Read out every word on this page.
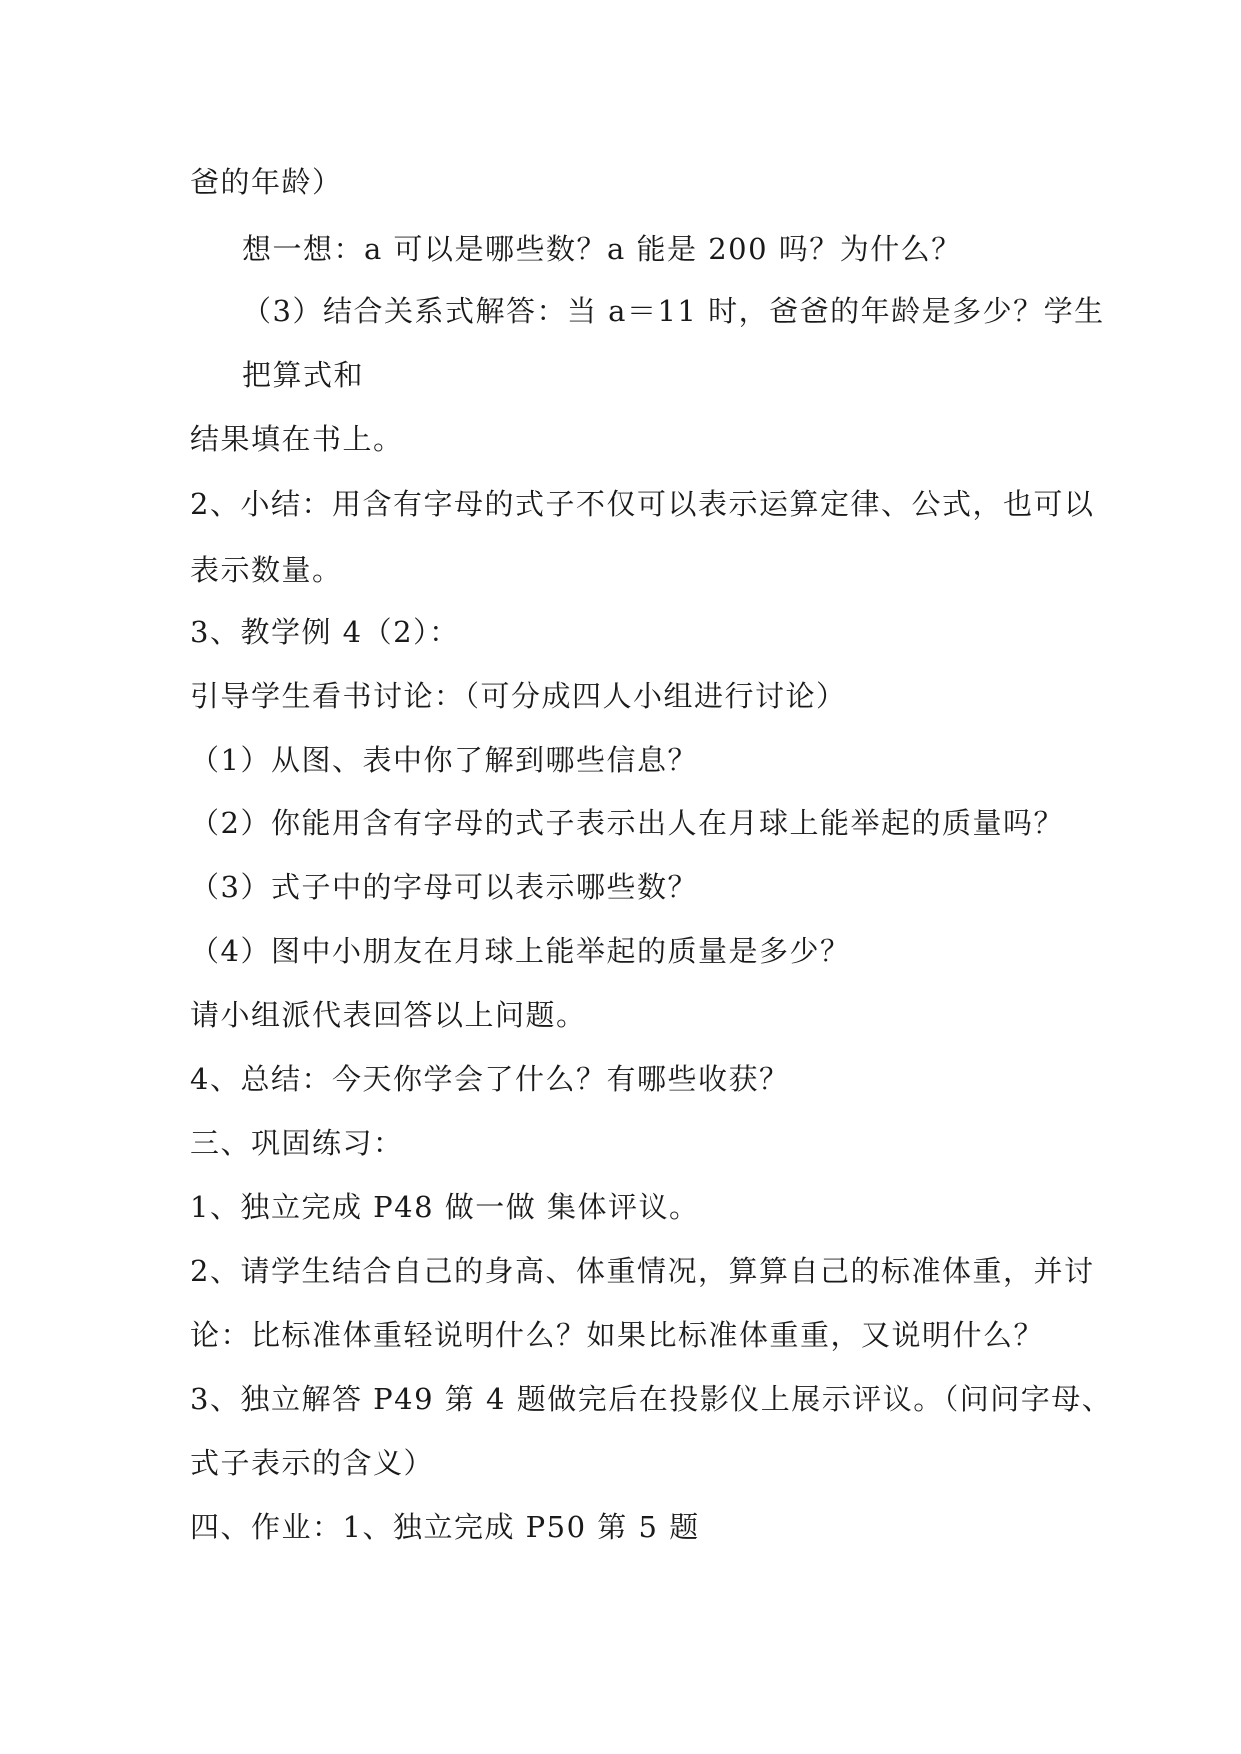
爸的年龄）
想一想：a 可以是哪些数？a 能是 200 吗？为什么？
（3）结合关系式解答：当 a＝11 时，爸爸的年龄是多少？学生
把算式和
结果填在书上。
2、小结：用含有字母的式子不仅可以表示运算定律、公式，也可以
表示数量。
3、教学例 4（2）：
引导学生看书讨论：（可分成四人小组进行讨论）
（1）从图、表中你了解到哪些信息？
（2）你能用含有字母的式子表示出人在月球上能举起的质量吗？
（3）式子中的字母可以表示哪些数？
（4）图中小朋友在月球上能举起的质量是多少？
请小组派代表回答以上问题。
4、总结：今天你学会了什么？有哪些收获？
三、巩固练习：
1、独立完成 P48 做一做 集体评议。
2、请学生结合自己的身高、体重情况，算算自己的标准体重，并讨
论：比标准体重轻说明什么？如果比标准体重重，又说明什么？
3、独立解答 P49 第 4 题做完后在投影仪上展示评议。（问问字母、
式子表示的含义）
四、作业：1、独立完成 P50 第 5 题
